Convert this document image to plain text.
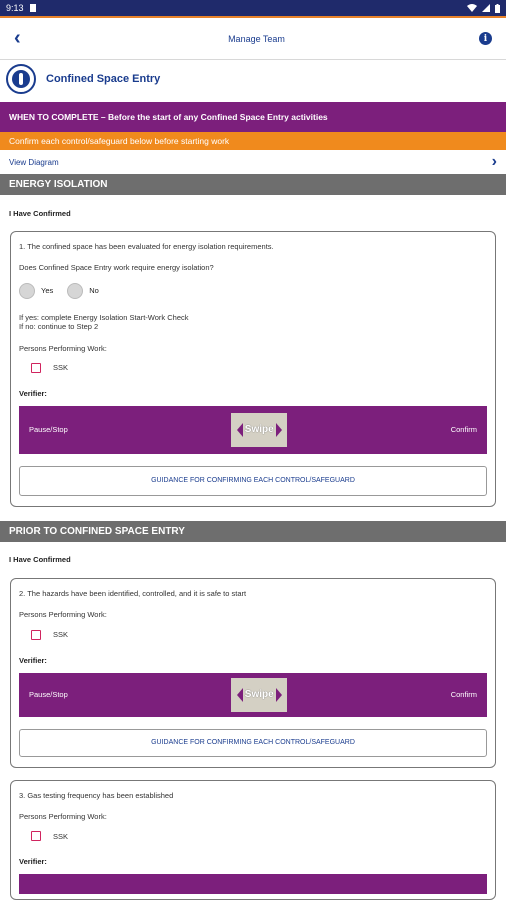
9:13
‹	Manage Team	i
Confined Space Entry
WHEN TO COMPLETE – Before the start of any Confined Space Entry activities
Confirm each control/safeguard below before starting work
View Diagram	›
ENERGY ISOLATION
I Have Confirmed
1. The confined space has been evaluated for energy isolation requirements.
Does Confined Space Entry work require energy isolation?
Yes	No
If yes: complete Energy Isolation Start-Work Check
If no: continue to Step 2
Persons Performing Work:
SSK
Verifier:
Pause/Stop	Swipe	Confirm
GUIDANCE FOR CONFIRMING EACH CONTROL/SAFEGUARD
PRIOR TO CONFINED SPACE ENTRY
I Have Confirmed
2. The hazards have been identified, controlled, and it is safe to start
Persons Performing Work:
SSK
Verifier:
Pause/Stop	Swipe	Confirm
GUIDANCE FOR CONFIRMING EACH CONTROL/SAFEGUARD
3. Gas testing frequency has been established
Persons Performing Work:
SSK
Verifier:
